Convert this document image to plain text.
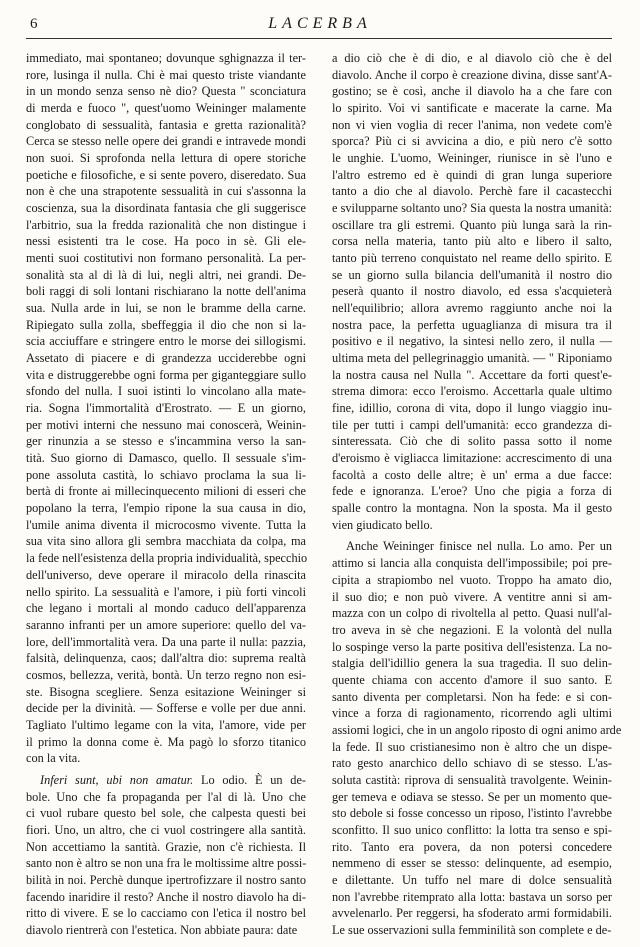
6	LACERBA
immediato, mai spontaneo; dovunque sghignazza il ter-
rore, lusinga il nulla. Chi è mai questo triste viandante
in un mondo senza senso nè dio? Questa " sconciatura
di merda e fuoco ", quest'uomo Weininger malamente
conglobato di sessualità, fantasia e gretta razionalità?
Cerca se stesso nelle opere dei grandi e intravede mondi
non suoi. Si sprofonda nella lettura di opere storiche
poetiche e filosofiche, e si sente povero, diseredato. Sua
non è che una strapotente sessualità in cui s'assonna la
coscienza, sua la disordinata fantasia che gli suggerisce
l'arbitrio, sua la fredda razionalità che non distingue i
nessi esistenti tra le cose. Ha poco in sè. Gli ele-
menti suoi costitutivi non formano personalità. La per-
sonalità sta al di là di lui, negli altri, nei grandi. De-
boli raggi di soli lontani rischiarano la notte dell'anima
sua. Nulla arde in lui, se non le bramme della carne.
Ripiegato sulla zolla, sbeffeggia il dio che non si la-
scia acciuffare e stringere entro le morse dei sillogismi.
Assetato di piacere e di grandezza ucciderebbe ogni
vita e distruggerebbe ogni forma per giganteggiare sullo
sfondo del nulla. I suoi istinti lo vincolano alla mate-
ria. Sogna l'immortalità d'Erostrato. — E un giorno,
per motivi interni che nessuno mai conoscerà, Weinin-
ger rinunzia a se stesso e s'incammina verso la san-
tità. Suo giorno di Damasco, quello. Il sessuale s'im-
pone assoluta castità, lo schiavo proclama la sua li-
bertà di fronte ai millecinquecento milioni di esseri che
popolano la terra, l'empio ripone la sua causa in dio,
l'umile anima diventa il microcosmo vivente. Tutta la
sua vita sino allora gli sembra macchiata da colpa, ma
la fede nell'esistenza della propria individualità, specchio
dell'universo, deve operare il miracolo della rinascita
nello spirito. La sessualità e l'amore, i più forti vincoli
che legano i mortali al mondo caduco dell'apparenza
saranno infranti per un amore superiore: quello del va-
lore, dell'immortalità vera. Da una parte il nulla: pazzia,
falsità, delinquenza, caos; dall'altra dio: suprema realtà
cosmos, bellezza, verità, bontà. Un terzo regno non esi-
ste. Bisogna scegliere. Senza esitazione Weininger si
decide per la divinità. — Sofferse e volle per due anni.
Tagliato l'ultimo legame con la vita, l'amore, vide per
il primo la donna come è. Ma pagò lo sforzo titanico
con la vita.
Inferi sunt, ubi non amatur. Lo odio. È un de-
bole. Uno che fa propaganda per l'al di là. Uno che
ci vuol rubare questo bel sole, che calpesta questi bei
fiori. Uno, un altro, che ci vuol costringere alla santità.
Non accettiamo la santità. Grazie, non c'è richiesta. Il
santo non è altro se non una fra le moltissime altre possi-
bilità in noi. Perchè dunque ipertrofizzare il nostro santo
facendo inaridire il resto? Anche il nostro diavolo ha di-
ritto di vivere. E se lo cacciamo con l'etica il nostro bel
diavolo rientrerà con l'estetica. Non abbiate paura: date
a dio ciò che è di dio, e al diavolo ciò che è del
diavolo. Anche il corpo è creazione divina, disse sant'A-
gostino; se è così, anche il diavolo ha a che fare con
lo spirito. Voi vi santificate e macerate la carne. Ma
non vi vien voglia di recer l'anima, non vedete com'è
sporca? Più ci si avvicina a dio, e più nero c'è sotto
le unghie. L'uomo, Weininger, riunisce in sè l'uno e
l'altro estremo ed è quindi di gran lunga superiore
tanto a dio che al diavolo. Perchè fare il cacastecchi
e svilupparne soltanto uno? Sia questa la nostra umanità:
oscillare tra gli estremi. Quanto più lunga sarà la rin-
corsa nella materia, tanto più alto e libero il salto,
tanto più terreno conquistato nel reame dello spirito. E
se un giorno sulla bilancia dell'umanità il nostro dio
peserà quanto il nostro diavolo, ed essa s'acquieterà
nell'equilibrio; allora avremo raggiunto anche noi la
nostra pace, la perfetta uguaglianza di misura tra il
positivo e il negativo, la sintesi nello zero, il nulla —
ultima meta del pellegrinaggio umanità. — " Riponiamo
la nostra causa nel Nulla ". Accettare da forti quest'e-
strema dimora: ecco l'eroismo. Accettarla quale ultimo
fine, idillio, corona di vita, dopo il lungo viaggio inu-
tile per tutti i campi dell'umanità: ecco grandezza di-
sinteressata. Ciò che di solito passa sotto il nome
d'eroismo è vigliacca limitazione: accrescimento di una
facoltà a costo delle altre; è un' erma a due facce:
fede e ignoranza. L'eroe? Uno che pigia a forza di
spalle contro la montagna. Non la sposta. Ma il gesto
vien giudicato bello.
Anche Weininger finisce nel nulla. Lo amo. Per un
attimo si lancia alla conquista dell'impossibile; poi pre-
cipita a strapiombo nel vuoto. Troppo ha amato dio,
il suo dio; e non può vivere. A ventitre anni si am-
mazza con un colpo di rivoltella al petto. Quasi null'al-
tro aveva in sè che negazioni. E la volontà del nulla
lo sospinge verso la parte positiva dell'esistenza. La no-
stalgia dell'idillio genera la sua tragedia. Il suo delin-
quente chiama con accento d'amore il suo santo. E
santo diventa per completarsi. Non ha fede: e si con-
vince a forza di ragionamento, ricorrendo agli ultimi
assiomi logici, che in un angolo riposto di ogni animo arde
la fede. Il suo cristianesimo non è altro che un dispe-
rato gesto anarchico dello schiavo di se stesso. L'as-
soluta castità: riprova di sensualità travolgente. Weinin-
ger temeva e odiava se stesso. Se per un momento que-
sto debole si fosse concesso un riposo, l'istinto l'avrebbe
sconfitto. Il suo unico conflitto: la lotta tra senso e spi-
rito. Tanto era povera, da non potersi concedere
nemmeno di esser se stesso: delinquente, ad esempio,
e dilettante. Un tuffo nel mare di dolce sensualità
non l'avrebbe ritemprato alla lotta: bastava un sorso per
avvelenarlo. Per reggersi, ha sfoderato armi formidabili.
Le sue osservazioni sulla femminilità son complete e de-
